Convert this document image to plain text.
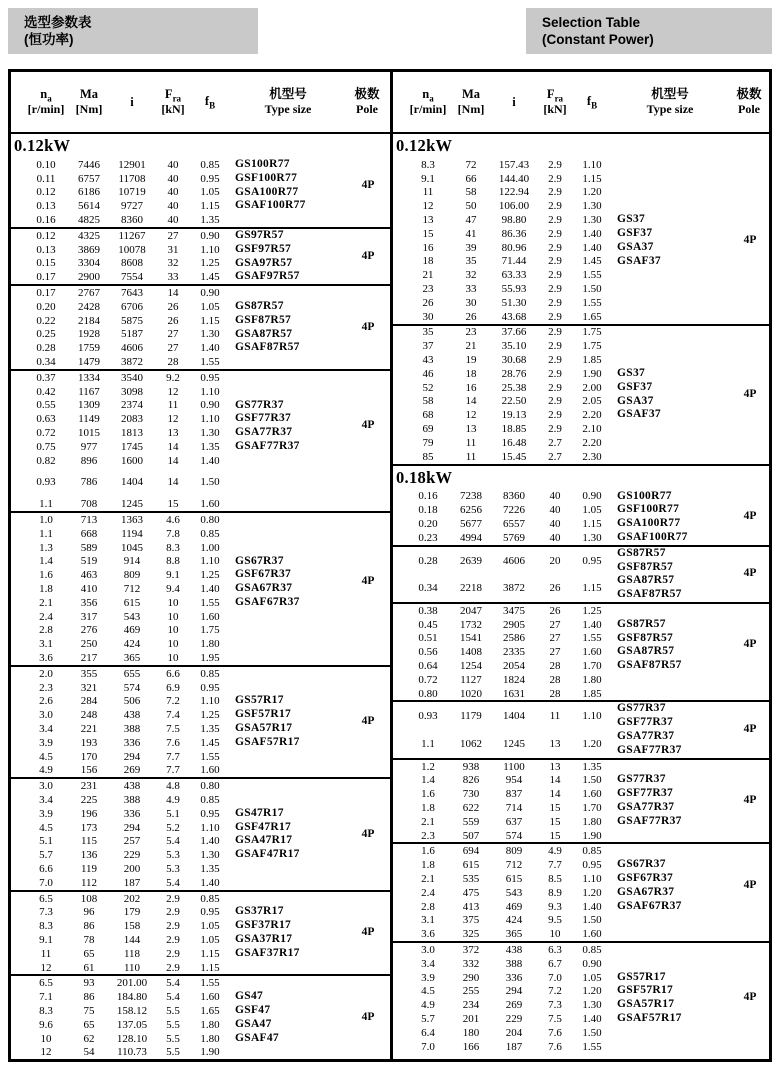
选型参数表
(恒功率)
Selection Table
(Constant Power)
$n_a$
[r/min]
Ma
[Nm]
i
$F_{ra}$
[kN]
$f_B$
机型号
Type size
极数
Pole
0.12kW
0.10	7446	12901	40	0.85
0.11	6757	11708	40	0.95
0.12	6186	10719	40	1.05
0.13	5614	9727	40	1.15
0.16	4825	8360	40	1.35
GS100R77
GSF100R77
GSA100R77
GSAF100R77
4P
0.12	4325	11267	27	0.90
0.13	3869	10078	31	1.10
0.15	3304	8608	32	1.25
0.17	2900	7554	33	1.45
GS97R57
GSF97R57
GSA97R57
GSAF97R57
4P
0.17	2767	7643	14	0.90
0.20	2428	6706	26	1.05
0.22	2184	5875	26	1.15
0.25	1928	5187	27	1.30
0.28	1759	4606	27	1.40
0.34	1479	3872	28	1.55
GS87R57
GSF87R57
GSA87R57
GSAF87R57
4P
0.37	1334	3540	9.2	0.95
0.42	1167	3098	12	1.10
0.55	1309	2374	11	0.90
0.63	1149	2083	12	1.10
0.72	1015	1813	13	1.30
0.75	977	1745	14	1.35
0.82	896	1600	14	1.40
0.93	786	1404	14	1.50
1.1	708	1245	15	1.60
GS77R37
GSF77R37
GSA77R37
GSAF77R37
4P
1.0	713	1363	4.6	0.80
1.1	668	1194	7.8	0.85
1.3	589	1045	8.3	1.00
1.4	519	914	8.8	1.10
1.6	463	809	9.1	1.25
1.8	410	712	9.4	1.40
2.1	356	615	10	1.55
2.4	317	543	10	1.60
2.8	276	469	10	1.75
3.1	250	424	10	1.80
3.6	217	365	10	1.95
GS67R37
GSF67R37
GSA67R37
GSAF67R37
4P
2.0	355	655	6.6	0.85
2.3	321	574	6.9	0.95
2.6	284	506	7.2	1.10
3.0	248	438	7.4	1.25
3.4	221	388	7.5	1.35
3.9	193	336	7.6	1.45
4.5	170	294	7.7	1.55
4.9	156	269	7.7	1.60
GS57R17
GSF57R17
GSA57R17
GSAF57R17
4P
3.0	231	438	4.8	0.80
3.4	225	388	4.9	0.85
3.9	196	336	5.1	0.95
4.5	173	294	5.2	1.10
5.1	115	257	5.4	1.40
5.7	136	229	5.3	1.30
6.6	119	200	5.3	1.35
7.0	112	187	5.4	1.40
GS47R17
GSF47R17
GSA47R17
GSAF47R17
4P
6.5	108	202	2.9	0.85
7.3	96	179	2.9	0.95
8.3	86	158	2.9	1.05
9.1	78	144	2.9	1.05
11	65	118	2.9	1.15
12	61	110	2.9	1.15
GS37R17
GSF37R17
GSA37R17
GSAF37R17
4P
6.5	93	201.00	5.4	1.55
7.1	86	184.80	5.4	1.60
8.3	75	158.12	5.5	1.65
9.6	65	137.05	5.5	1.80
10	62	128.10	5.5	1.80
12	54	110.73	5.5	1.90
GS47
GSF47
GSA47
GSAF47
4P
$n_a$
[r/min]
Ma
[Nm]
i
$F_{ra}$
[kN]
$f_B$
机型号
Type size
极数
Pole
0.12kW
8.3	72	157.43	2.9	1.10
9.1	66	144.40	2.9	1.15
11	58	122.94	2.9	1.20
12	50	106.00	2.9	1.30
13	47	98.80	2.9	1.30
15	41	86.36	2.9	1.40
16	39	80.96	2.9	1.40
18	35	71.44	2.9	1.45
21	32	63.33	2.9	1.55
23	33	55.93	2.9	1.50
26	30	51.30	2.9	1.55
30	26	43.68	2.9	1.65
GS37
GSF37
GSA37
GSAF37
4P
35	23	37.66	2.9	1.75
37	21	35.10	2.9	1.75
43	19	30.68	2.9	1.85
46	18	28.76	2.9	1.90
52	16	25.38	2.9	2.00
58	14	22.50	2.9	2.05
68	12	19.13	2.9	2.20
69	13	18.85	2.9	2.10
79	11	16.48	2.7	2.20
85	11	15.45	2.7	2.30
GS37
GSF37
GSA37
GSAF37
4P
0.18kW
0.16	7238	8360	40	0.90
0.18	6256	7226	40	1.05
0.20	5677	6557	40	1.15
0.23	4994	5769	40	1.30
GS100R77
GSF100R77
GSA100R77
GSAF100R77
4P
0.28	2639	4606	20	0.95
0.34	2218	3872	26	1.15
GS87R57
GSF87R57
GSA87R57
GSAF87R57
4P
0.38	2047	3475	26	1.25
0.45	1732	2905	27	1.40
0.51	1541	2586	27	1.55
0.56	1408	2335	27	1.60
0.64	1254	2054	28	1.70
0.72	1127	1824	28	1.80
0.80	1020	1631	28	1.85
GS87R57
GSF87R57
GSA87R57
GSAF87R57
4P
0.93	1179	1404	11	1.10
1.1	1062	1245	13	1.20
GS77R37
GSF77R37
GSA77R37
GSAF77R37
4P
1.2	938	1100	13	1.35
1.4	826	954	14	1.50
1.6	730	837	14	1.60
1.8	622	714	15	1.70
2.1	559	637	15	1.80
2.3	507	574	15	1.90
GS77R37
GSF77R37
GSA77R37
GSAF77R37
4P
1.6	694	809	4.9	0.85
1.8	615	712	7.7	0.95
2.1	535	615	8.5	1.10
2.4	475	543	8.9	1.20
2.8	413	469	9.3	1.40
3.1	375	424	9.5	1.50
3.6	325	365	10	1.60
GS67R37
GSF67R37
GSA67R37
GSAF67R37
4P
3.0	372	438	6.3	0.85
3.4	332	388	6.7	0.90
3.9	290	336	7.0	1.05
4.5	255	294	7.2	1.20
4.9	234	269	7.3	1.30
5.7	201	229	7.5	1.40
6.4	180	204	7.6	1.50
7.0	166	187	7.6	1.55
GS57R17
GSF57R17
GSA57R17
GSAF57R17
4P
